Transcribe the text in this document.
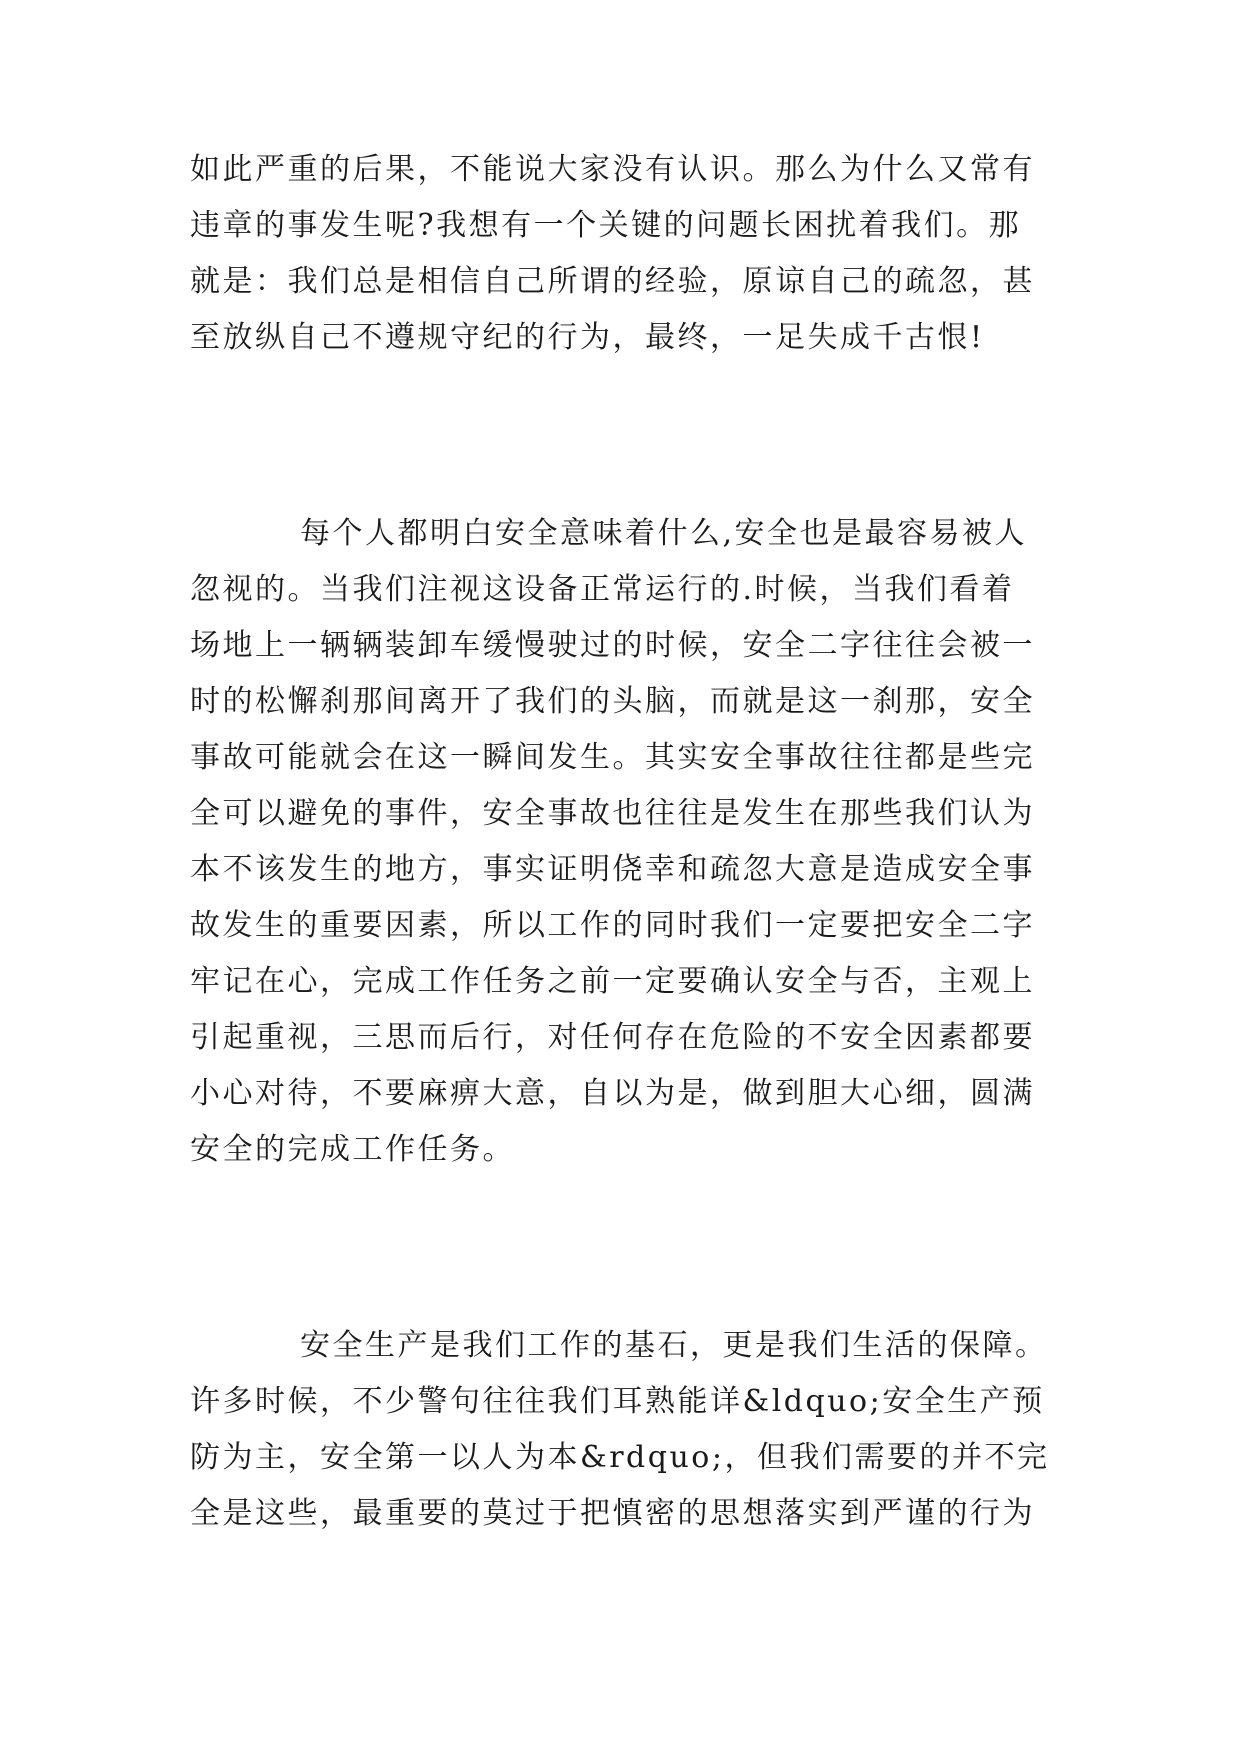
如此严重的后果，不能说大家没有认识。那么为什么又常有
违章的事发生呢?我想有一个关键的问题长困扰着我们。那
就是：我们总是相信自己所谓的经验，原谅自己的疏忽，甚
至放纵自己不遵规守纪的行为，最终，一足失成千古恨!
每个人都明白安全意味着什么,安全也是最容易被人
忽视的。当我们注视这设备正常运行的.时候，当我们看着
场地上一辆辆装卸车缓慢驶过的时候，安全二字往往会被一
时的松懈刹那间离开了我们的头脑，而就是这一刹那，安全
事故可能就会在这一瞬间发生。其实安全事故往往都是些完
全可以避免的事件，安全事故也往往是发生在那些我们认为
本不该发生的地方，事实证明侥幸和疏忽大意是造成安全事
故发生的重要因素，所以工作的同时我们一定要把安全二字
牢记在心，完成工作任务之前一定要确认安全与否，主观上
引起重视，三思而后行，对任何存在危险的不安全因素都要
小心对待，不要麻痹大意，自以为是，做到胆大心细，圆满
安全的完成工作任务。
安全生产是我们工作的基石，更是我们生活的保障。
许多时候，不少警句往往我们耳熟能详&ldquo;安全生产预
防为主，安全第一以人为本&rdquo;，但我们需要的并不完
全是这些，最重要的莫过于把慎密的思想落实到严谨的行为
